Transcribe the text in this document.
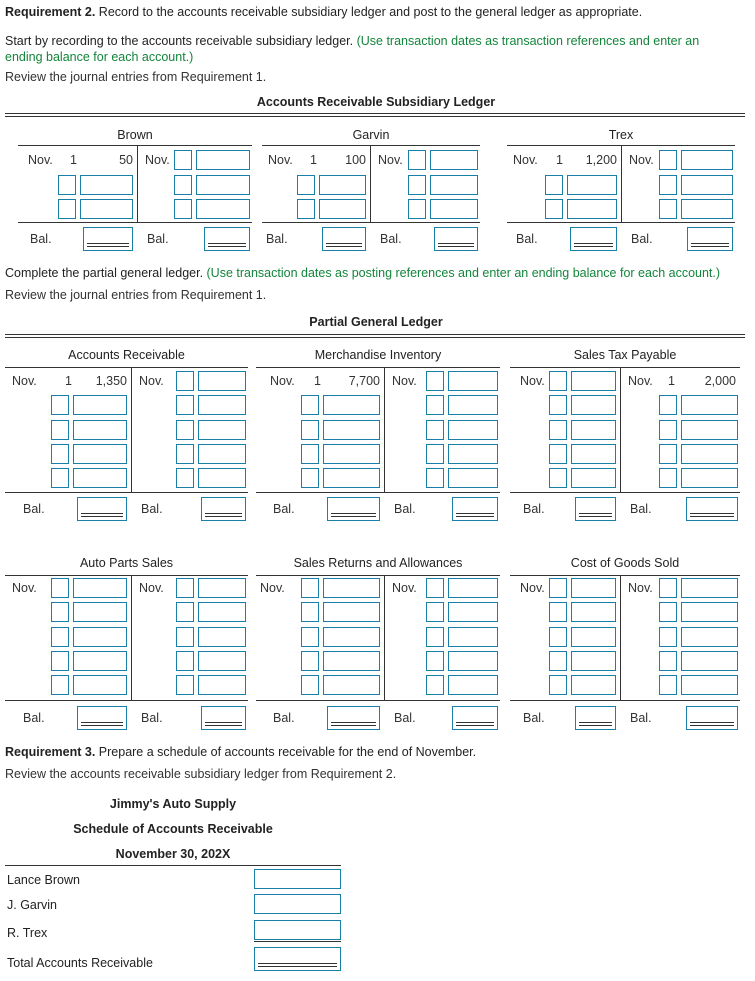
Requirement 2. Record to the accounts receivable subsidiary ledger and post to the general ledger as appropriate.
Start by recording to the accounts receivable subsidiary ledger. (Use transaction dates as transaction references and enter an ending balance for each account.)
Review the journal entries from Requirement 1.
Accounts Receivable Subsidiary Ledger
Complete the partial general ledger. (Use transaction dates as posting references and enter an ending balance for each account.)
Review the journal entries from Requirement 1.
Partial General Ledger
Requirement 3. Prepare a schedule of accounts receivable for the end of November.
Review the accounts receivable subsidiary ledger from Requirement 2.
Jimmy's Auto Supply
Schedule of Accounts Receivable
November 30, 202X
Lance Brown
J. Garvin
R. Trex
Total Accounts Receivable
Brown
Nov. 1	50 Nov.
Bal.	Bal.
Garvin
Nov. 1	100 Nov.
Bal.	Bal.
Trex
Nov. 1	1,200 Nov.
Bal.	Bal.
Accounts Receivable
Nov. 1	1,350 Nov.
Bal.	Bal.
Merchandise Inventory
Nov. 1	7,700 Nov.
Bal.	Bal.
Sales Tax Payable
Nov.	Nov. 1	2,000
Bal.	Bal.
Auto Parts Sales
Nov.	Nov.
Bal.	Bal.
Sales Returns and Allowances
Nov.	Nov.
Bal.	Bal.
Cost of Goods Sold
Nov.	Nov.
Bal.	Bal.
